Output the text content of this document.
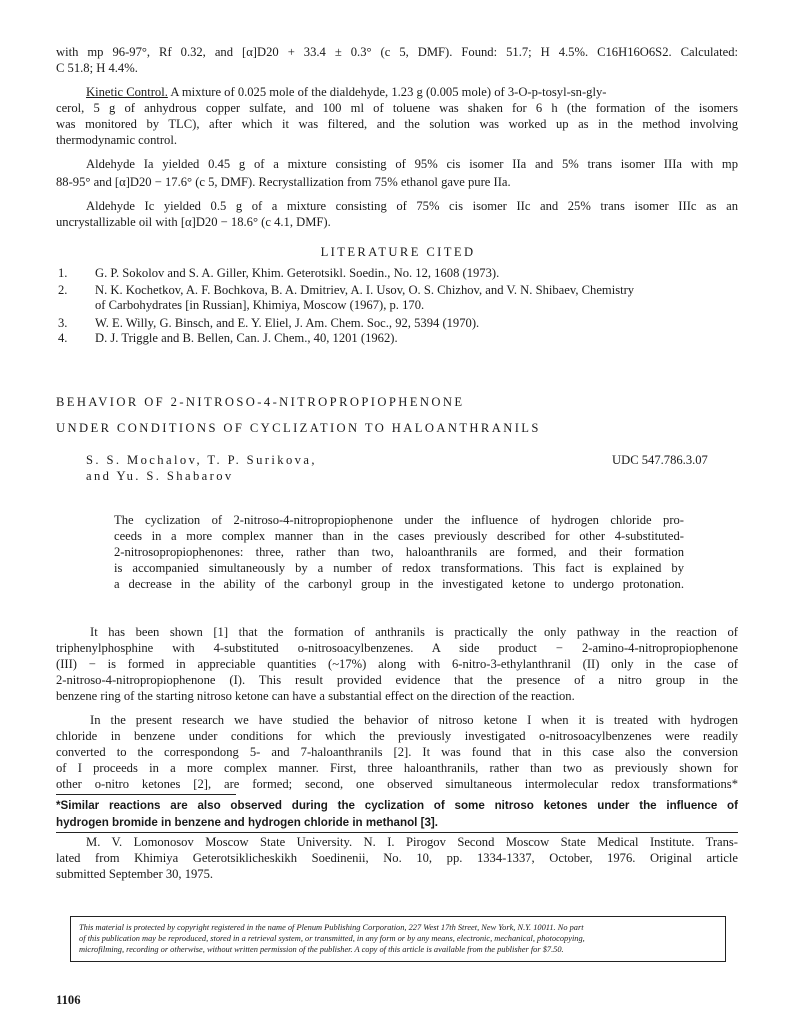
with mp 96-97°, Rf 0.32, and [α]D20 + 33.4 ± 0.3° (c 5, DMF). Found: 51.7; H 4.5%. C16H16O6S2. Calculated:
C 51.8; H 4.4%.
Kinetic Control. A mixture of 0.025 mole of the dialdehyde, 1.23 g (0.005 mole) of 3-O-p-tosyl-sn-gly-
cerol, 5 g of anhydrous copper sulfate, and 100 ml of toluene was shaken for 6 h (the formation of the isomers
was monitored by TLC), after which it was filtered, and the solution was worked up as in the method involving
thermodynamic control.
Aldehyde Ia yielded 0.45 g of a mixture consisting of 95% cis isomer IIa and 5% trans isomer IIIa with mp
88-95° and [α]D20 − 17.6° (c 5, DMF). Recrystallization from 75% ethanol gave pure IIa.
Aldehyde Ic yielded 0.5 g of a mixture consisting of 75% cis isomer IIc and 25% trans isomer IIIc as an
uncrystallizable oil with [α]D20 − 18.6° (c 4.1, DMF).
LITERATURE CITED
1. G. P. Sokolov and S. A. Giller, Khim. Geterotsikl. Soedin., No. 12, 1608 (1973).
2. N. K. Kochetkov, A. F. Bochkova, B. A. Dmitriev, A. I. Usov, O. S. Chizhov, and V. N. Shibaev, Chemistry
of Carbohydrates [in Russian], Khimiya, Moscow (1967), p. 170.
3. W. E. Willy, G. Binsch, and E. Y. Eliel, J. Am. Chem. Soc., 92, 5394 (1970).
4. D. J. Triggle and B. Bellen, Can. J. Chem., 40, 1201 (1962).
BEHAVIOR OF 2-NITROSO-4-NITROPROPIOPHENONE
UNDER CONDITIONS OF CYCLIZATION TO HALOANTHRANILS
S. S. Mochalov, T. P. Surikova,
and Yu. S. Shabarov
UDC 547.786.3.07
The cyclization of 2-nitroso-4-nitropropiophenone under the influence of hydrogen chloride pro-
ceeds in a more complex manner than in the cases previously described for other 4-substituted-
2-nitrosopropiophenones: three, rather than two, haloanthranils are formed, and their formation
is accompanied simultaneously by a number of redox transformations. This fact is explained by
a decrease in the ability of the carbonyl group in the investigated ketone to undergo protonation.
It has been shown [1] that the formation of anthranils is practically the only pathway in the reaction of
triphenylphosphine with 4-substituted o-nitrosoacylbenzenes. A side product − 2-amino-4-nitropropiophenone
(III) − is formed in appreciable quantities (~17%) along with 6-nitro-3-ethylanthranil (II) only in the case of
2-nitroso-4-nitropropiophenone (I). This result provided evidence that the presence of a nitro group in the
benzene ring of the starting nitroso ketone can have a substantial effect on the direction of the reaction.
In the present research we have studied the behavior of nitroso ketone I when it is treated with hydrogen
chloride in benzene under conditions for which the previously investigated o-nitrosoacylbenzenes were readily
converted to the correspondong 5- and 7-haloanthranils [2]. It was found that in this case also the conversion
of I proceeds in a more complex manner. First, three haloanthranils, rather than two as previously shown for
other o-nitro ketones [2], are formed; second, one observed simultaneous intermolecular redox transformations*
*Similar reactions are also observed during the cyclization of some nitroso ketones under the influence of
hydrogen bromide in benzene and hydrogen chloride in methanol [3].
M. V. Lomonosov Moscow State University. N. I. Pirogov Second Moscow State Medical Institute. Trans-
lated from Khimiya Geterotsiklicheskikh Soedinenii, No. 10, pp. 1334-1337, October, 1976. Original article
submitted September 30, 1975.
This material is protected by copyright registered in the name of Plenum Publishing Corporation, 227 West 17th Street, New York, N.Y. 10011. No part
of this publication may be reproduced, stored in a retrieval system, or transmitted, in any form or by any means, electronic, mechanical, photocopying,
microfilming, recording or otherwise, without written permission of the publisher. A copy of this article is available from the publisher for $7.50.
1106
